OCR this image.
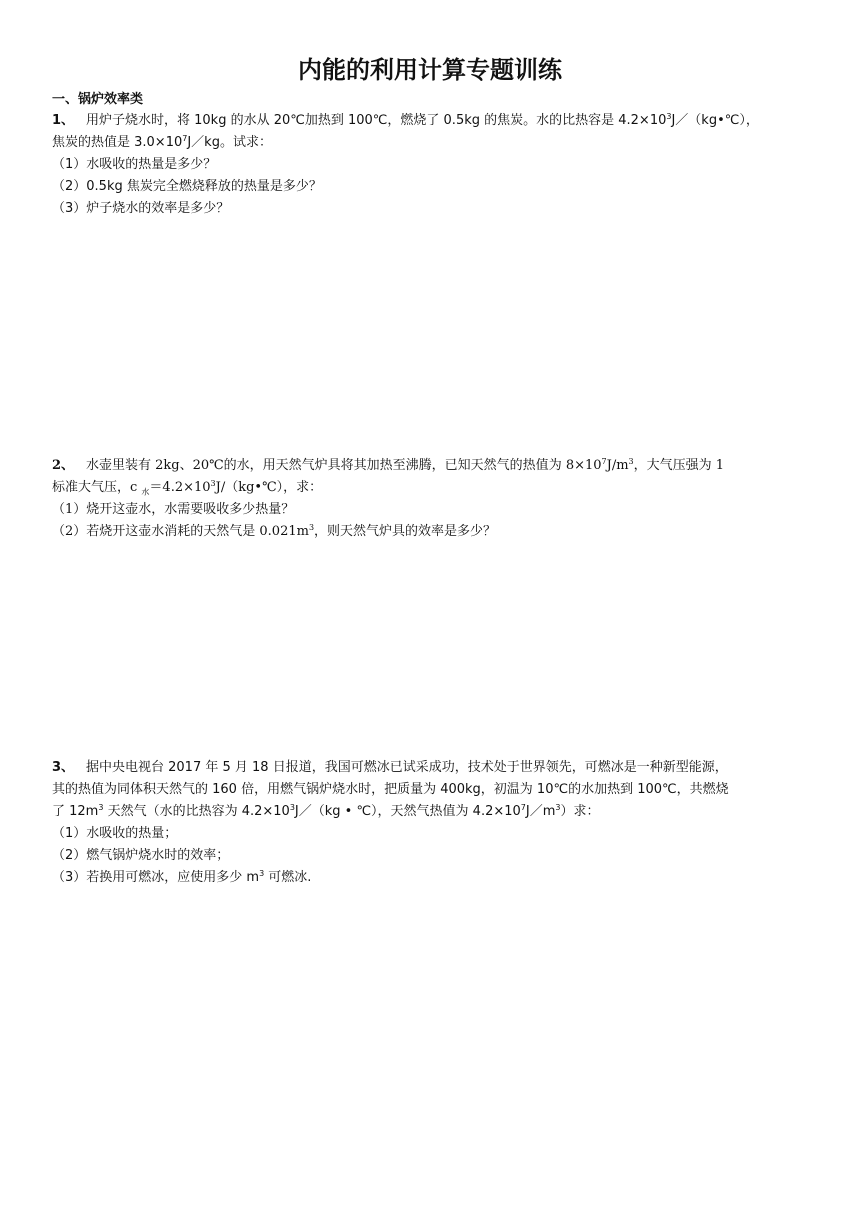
内能的利用计算专题训练
一、锅炉效率类

1、 用炉子烧水时，将 10kg 的水从 20℃加热到 100℃，燃烧了 0.5kg 的焦炭。水的比热容是 $4.2\times 10^3J/(kg•℃)$，

焦炭的热值是 $3.0\times 10^7J/kg$。试求：

（1）水吸收的热量是多少？

（2）0.5kg 焦炭完全燃烧释放的热量是多少？

（3）炉子烧水的效率是多少？

2、 水壶里装有 2kg、20℃的水，用天然气炉具将其加热至沸腾，已知天然气的热值为 $8\times 10^7J/m^3$，大气压强为 1

标准大气压，c $_水=4.2\times 10^3J/(kg•℃)$，求：

（1）烧开这壶水，水需要吸收多少热量？

（2）若烧开这壶水消耗的天然气是 $0.021m^3$，则天然气炉具的效率是多少？

3、 据中央电视台 2017 年 5 月 18 日报道，我国可燃冰已试采成功，技术处于世界领先，可燃冰是一种新型能源，

其的热值为同体积天然气的 160 倍，用燃气锅炉烧水时，把质量为 400kg，初温为 10℃的水加热到 100℃，共燃烧

了 $12m^3$ 天然气（水的比热容为 $4.2\times 10^3J/(kg$ • ℃），天然气热值为 $4.2\times 10^7J/m^3$）求：

（1）水吸收的热量；

（2）燃气锅炉烧水时的效率；

（3）若换用可燃冰，应使用多少 $m^3$ 可燃冰.
